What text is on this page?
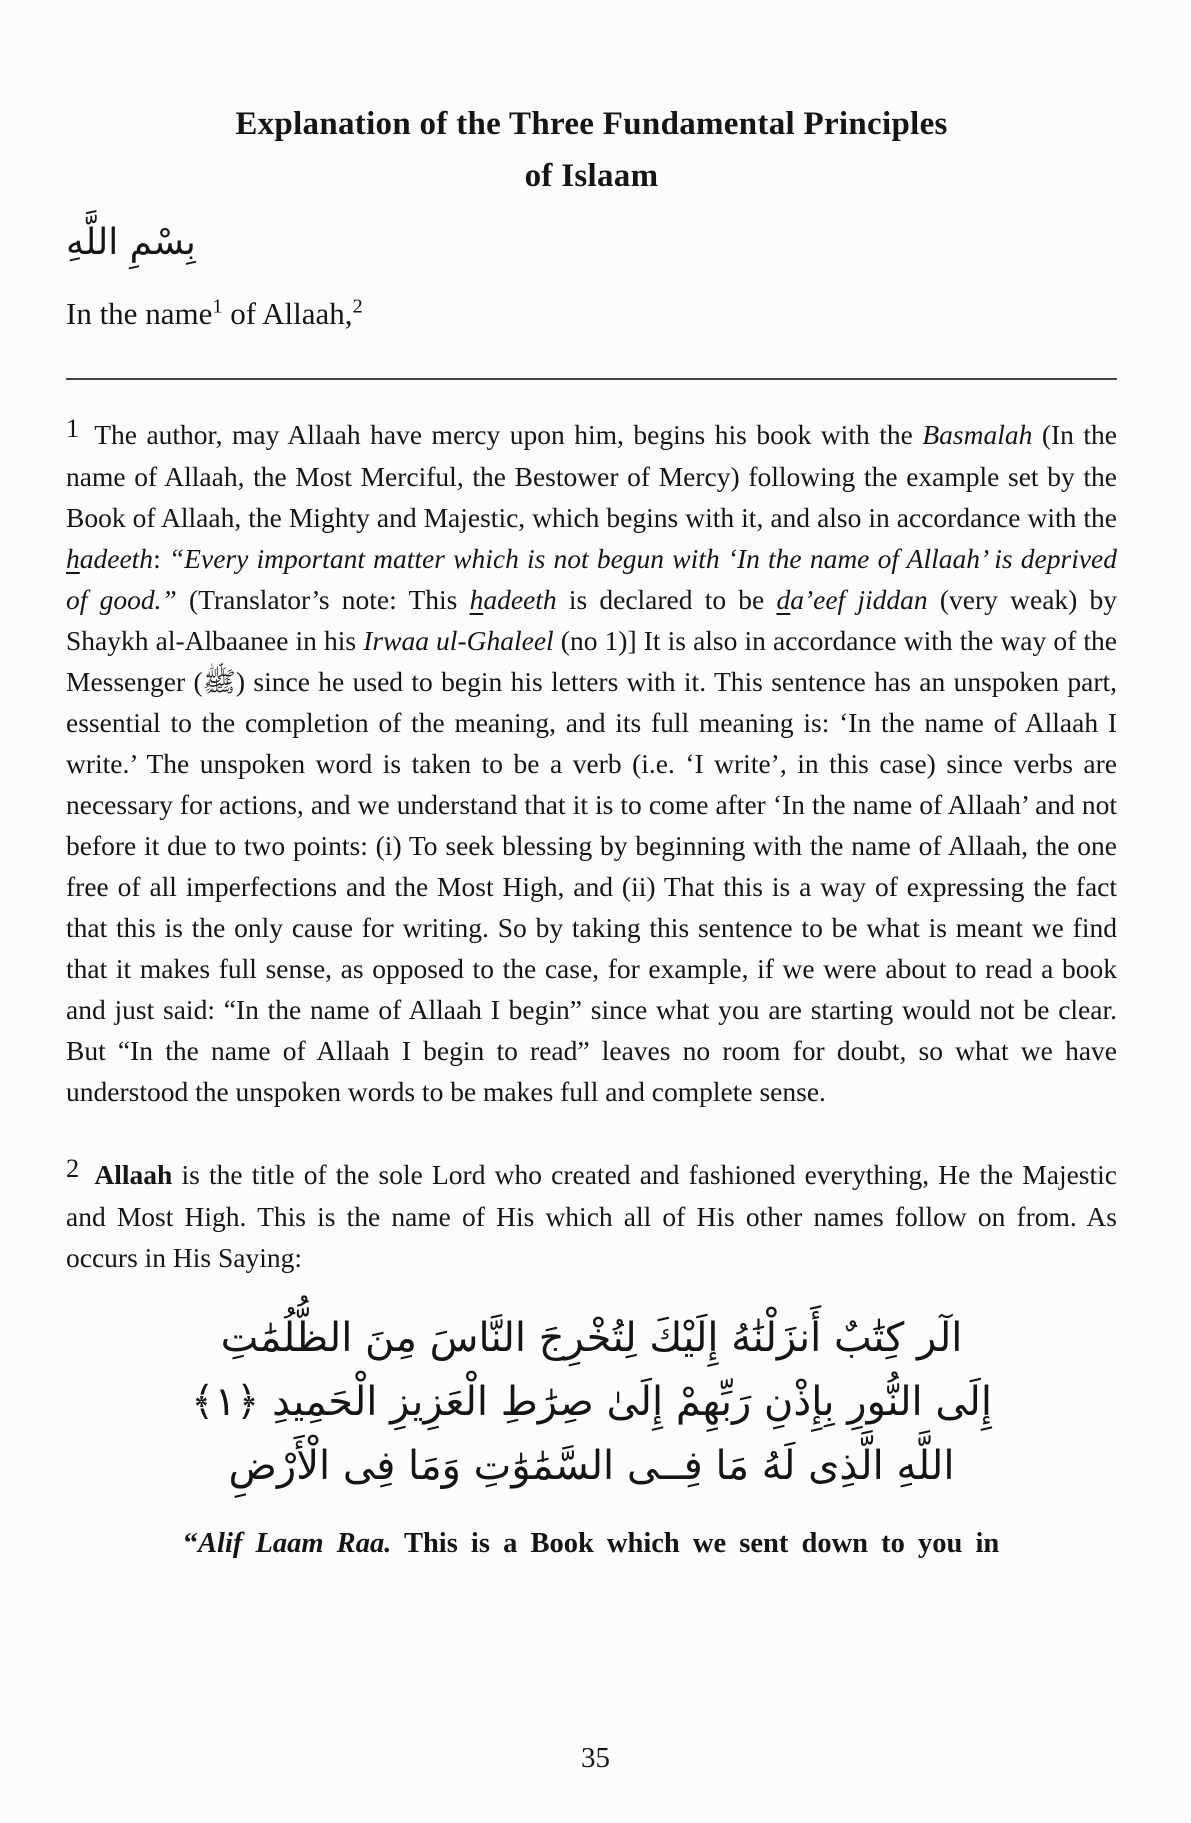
Explanation of the Three Fundamental Principles
of Islaam
بِسْمِ اللَّهِ

In the name$^1$ of Allaah,$^2$

1 The author, may Allaah have mercy upon him, begins his book with the Basmalah (In the name of Allaah, the Most Merciful, the Bestower of Mercy) following the example set by the Book of Allaah, the Mighty and Majestic, which begins with it, and also in accordance with the hadeeth: “Every important matter which is not begun with ‘In the name of Allaah’ is deprived of good.” (Translator’s note: This hadeeth is declared to be da’eef jiddan (very weak) by Shaykh al-Albaanee in his Irwaa ul-Ghaleel (no 1)] It is also in accordance with the way of the Messenger (ﷺ) since he used to begin his letters with it. This sentence has an unspoken part, essential to the completion of the meaning, and its full meaning is: ‘In the name of Allaah I write.’ The unspoken word is taken to be a verb (i.e. ‘I write’, in this case) since verbs are necessary for actions, and we understand that it is to come after ‘In the name of Allaah’ and not before it due to two points: (i) To seek blessing by beginning with the name of Allaah, the one free of all imperfections and the Most High, and (ii) That this is a way of expressing the fact that this is the only cause for writing. So by taking this sentence to be what is meant we find that it makes full sense, as opposed to the case, for example, if we were about to read a book and just said: “In the name of Allaah I begin” since what you are starting would not be clear. But “In the name of Allaah I begin to read” leaves no room for doubt, so what we have understood the unspoken words to be makes full and complete sense.

2 Allaah is the title of the sole Lord who created and fashioned everything, He the Majestic and Most High. This is the name of His which all of His other names follow on from. As occurs in His Saying:

الٓر كِتَٰبٌ أَنزَلْنَٰهُ إِلَيْكَ لِتُخْرِجَ النَّاسَ مِنَ الظُّلُمَٰتِ
إِلَى النُّورِ بِإِذْنِ رَبِّهِمْ إِلَىٰ صِرَٰطِ الْعَزِيزِ الْحَمِيدِ ﴿١﴾
اللَّهِ الَّذِى لَهُ مَا فِــى السَّمَٰوَٰتِ وَمَا فِى الْأَرْضِ

“Alif Laam Raa. This is a Book which we sent down to you in

35
